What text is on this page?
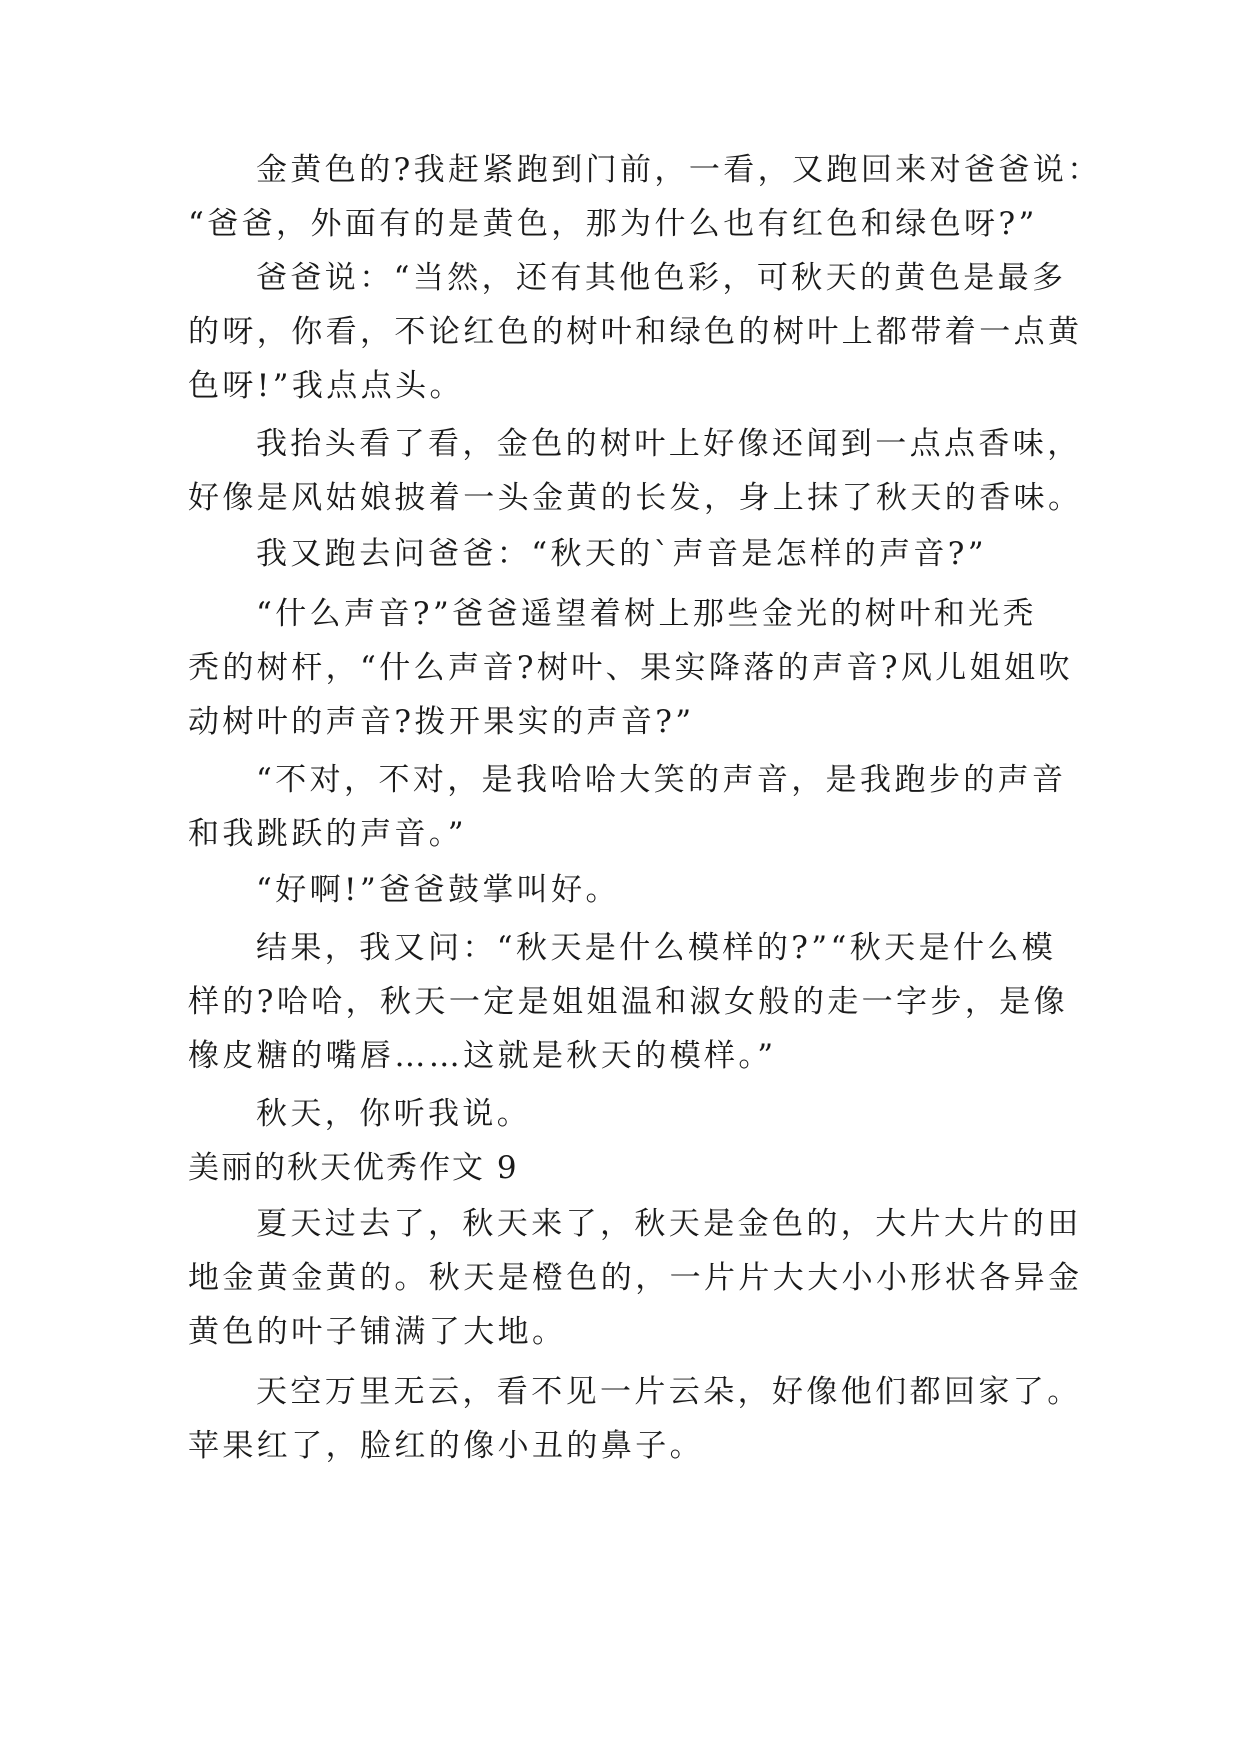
金黄色的?我赶紧跑到门前，一看，又跑回来对爸爸说：

“爸爸，外面有的是黄色，那为什么也有红色和绿色呀?”

爸爸说：“当然，还有其他色彩，可秋天的黄色是最多

的呀，你看，不论红色的树叶和绿色的树叶上都带着一点黄

色呀!”我点点头。

我抬头看了看，金色的树叶上好像还闻到一点点香味，

好像是风姑娘披着一头金黄的长发，身上抹了秋天的香味。

我又跑去问爸爸：“秋天的`声音是怎样的声音?”

“什么声音?”爸爸遥望着树上那些金光的树叶和光秃

秃的树杆，“什么声音?树叶、果实降落的声音?风儿姐姐吹

动树叶的声音?拨开果实的声音?”

“不对，不对，是我哈哈大笑的声音，是我跑步的声音

和我跳跃的声音。”

“好啊!”爸爸鼓掌叫好。

结果，我又问：“秋天是什么模样的?”“秋天是什么模

样的?哈哈，秋天一定是姐姐温和淑女般的走一字步，是像

橡皮糖的嘴唇……这就是秋天的模样。”

秋天，你听我说。

美丽的秋天优秀作文 9

夏天过去了，秋天来了，秋天是金色的，大片大片的田

地金黄金黄的。秋天是橙色的，一片片大大小小形状各异金

黄色的叶子铺满了大地。

天空万里无云，看不见一片云朵，好像他们都回家了。

苹果红了，脸红的像小丑的鼻子。
